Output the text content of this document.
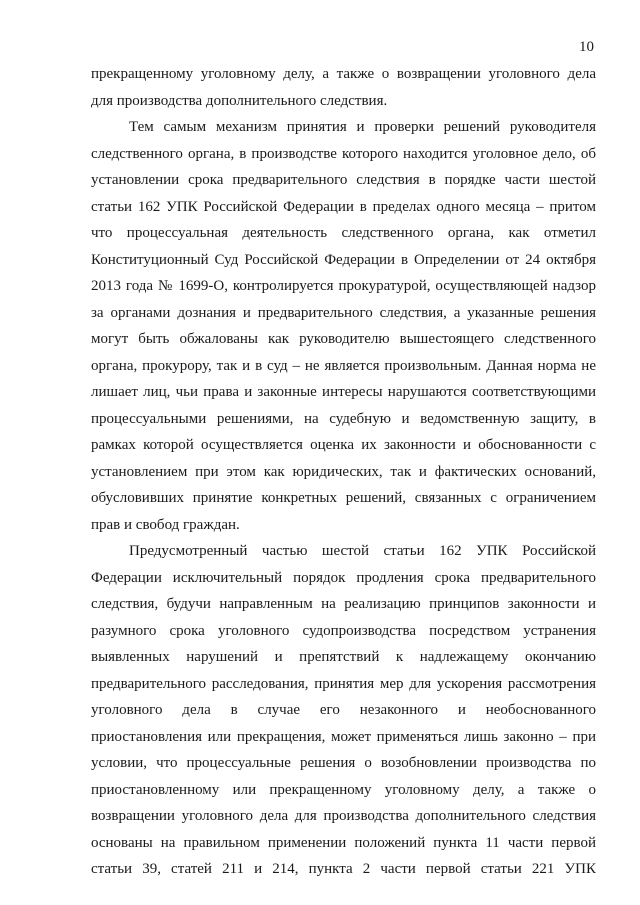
10
прекращенному уголовному делу, а также о возвращении уголовного дела
для производства дополнительного следствия.
Тем самым механизм принятия и проверки решений руководителя
следственного органа, в производстве которого находится уголовное дело, об
установлении срока предварительного следствия в порядке части шестой
статьи 162 УПК Российской Федерации в пределах одного месяца – притом
что процессуальная деятельность следственного органа, как отметил
Конституционный Суд Российской Федерации в Определении от 24 октября
2013 года № 1699-О, контролируется прокуратурой, осуществляющей надзор
за органами дознания и предварительного следствия, а указанные решения
могут быть обжалованы как руководителю вышестоящего следственного
органа, прокурору, так и в суд – не является произвольным. Данная норма не
лишает лиц, чьи права и законные интересы нарушаются соответствующими
процессуальными решениями, на судебную и ведомственную защиту, в
рамках которой осуществляется оценка их законности и обоснованности с
установлением при этом как юридических, так и фактических оснований,
обусловивших принятие конкретных решений, связанных с ограничением
прав и свобод граждан.
Предусмотренный частью шестой статьи 162 УПК Российской
Федерации исключительный порядок продления срока предварительного
следствия, будучи направленным на реализацию принципов законности и
разумного срока уголовного судопроизводства посредством устранения
выявленных нарушений и препятствий к надлежащему окончанию
предварительного расследования, принятия мер для ускорения рассмотрения
уголовного дела в случае его незаконного и необоснованного
приостановления или прекращения, может применяться лишь законно – при
условии, что процессуальные решения о возобновлении производства по
приостановленному или прекращенному уголовному делу, а также о
возвращении уголовного дела для производства дополнительного следствия
основаны на правильном применении положений пункта 11 части первой
статьи 39, статей 211 и 214, пункта 2 части первой статьи 221 УПК
